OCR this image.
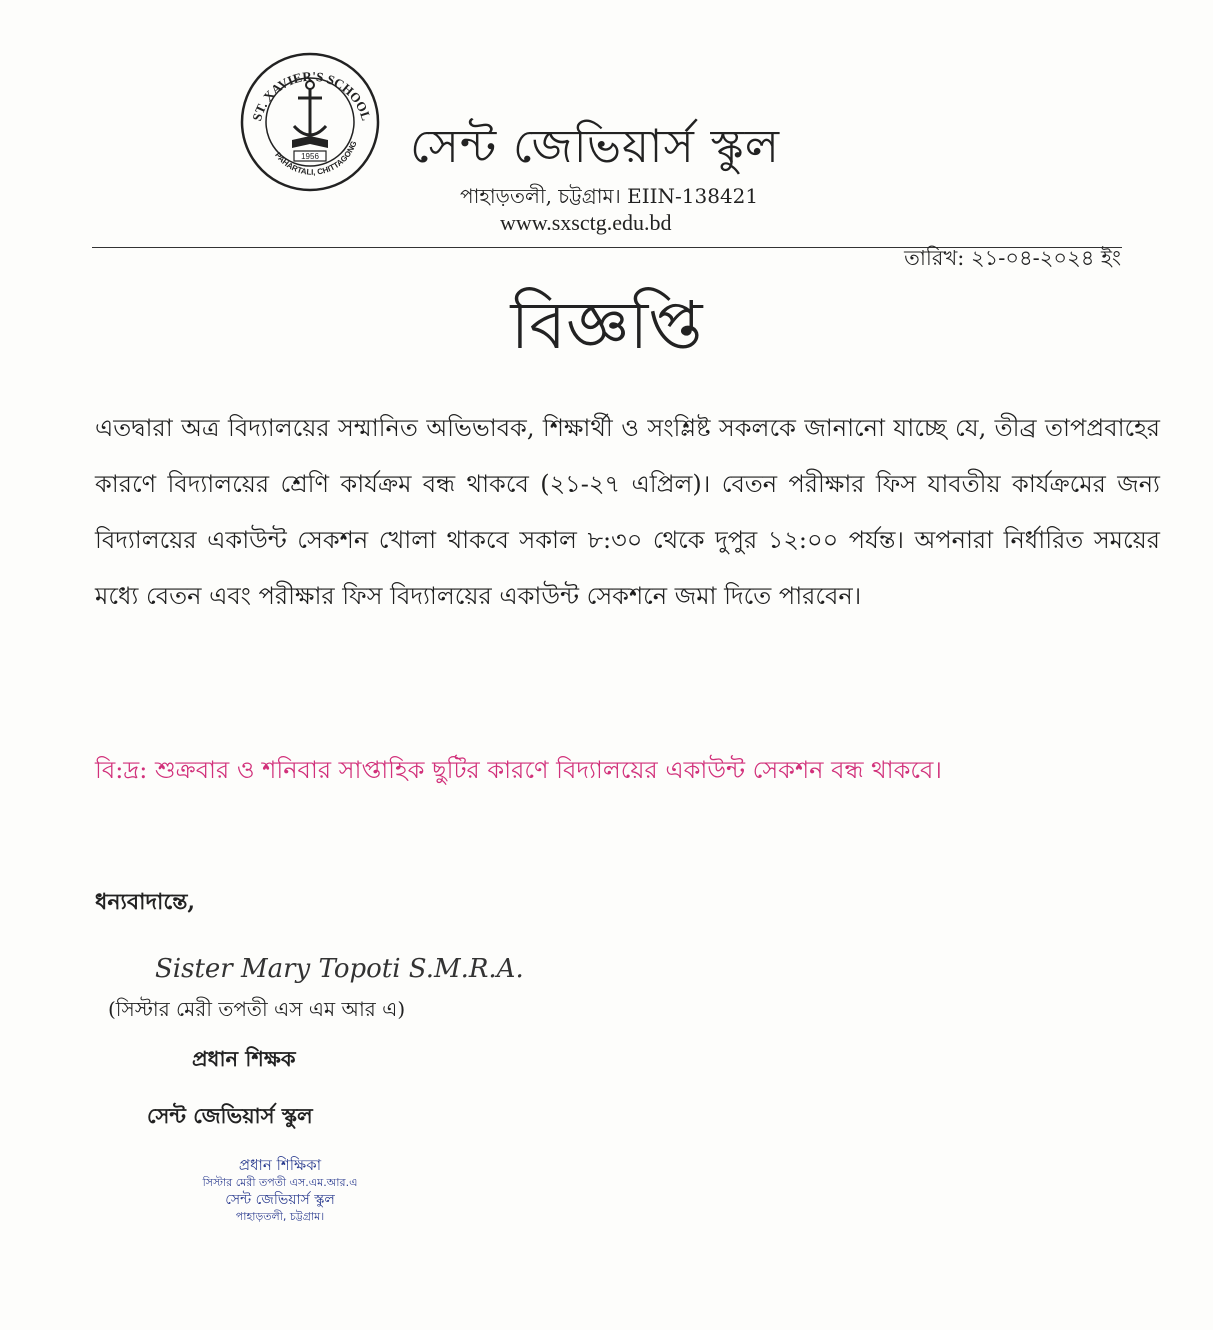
ST. XAVIER'S SCHOOL
PAHARTALI, CHITTAGONG
1956 সেন্ট জেভিয়ার্স স্কুল
পাহাড়তলী, চট্টগ্রাম। EIIN-138421
www.sxsctg.edu.bd
তারিখ: ২১-০৪-২০২৪ ইং
বিজ্ঞপ্তি
এতদ্বারা অত্র বিদ্যালয়ের সম্মানিত অভিভাবক, শিক্ষার্থী ও সংশ্লিষ্ট সকলকে জানানো যাচ্ছে যে, তীব্র তাপপ্রবাহের কারণে বিদ্যালয়ের শ্রেণি কার্যক্রম বন্ধ থাকবে (২১-২৭ এপ্রিল)। বেতন পরীক্ষার ফিস যাবতীয় কার্যক্রমের জন্য বিদ্যালয়ের একাউন্ট সেকশন খোলা থাকবে সকাল ৮:৩০ থেকে দুপুর ১২:০০ পর্যন্ত। অপনারা নির্ধারিত সময়ের মধ্যে বেতন এবং পরীক্ষার ফিস বিদ্যালয়ের একাউন্ট সেকশনে জমা দিতে পারবেন।
বি:দ্র: শুক্রবার ও শনিবার সাপ্তাহিক ছুটির কারণে বিদ্যালয়ের একাউন্ট সেকশন বন্ধ থাকবে।
ধন্যবাদান্তে,
Sister Mary Topoti S.M.R.A.
(সিস্টার মেরী তপতী এস এম আর এ)
প্রধান শিক্ষক
সেন্ট জেভিয়ার্স স্কুল
প্রধান শিক্ষিকা
সিস্টার মেরী তপতী এস.এম.আর.এ
সেন্ট জেভিয়ার্স স্কুল
পাহাড়তলী, চট্টগ্রাম।
